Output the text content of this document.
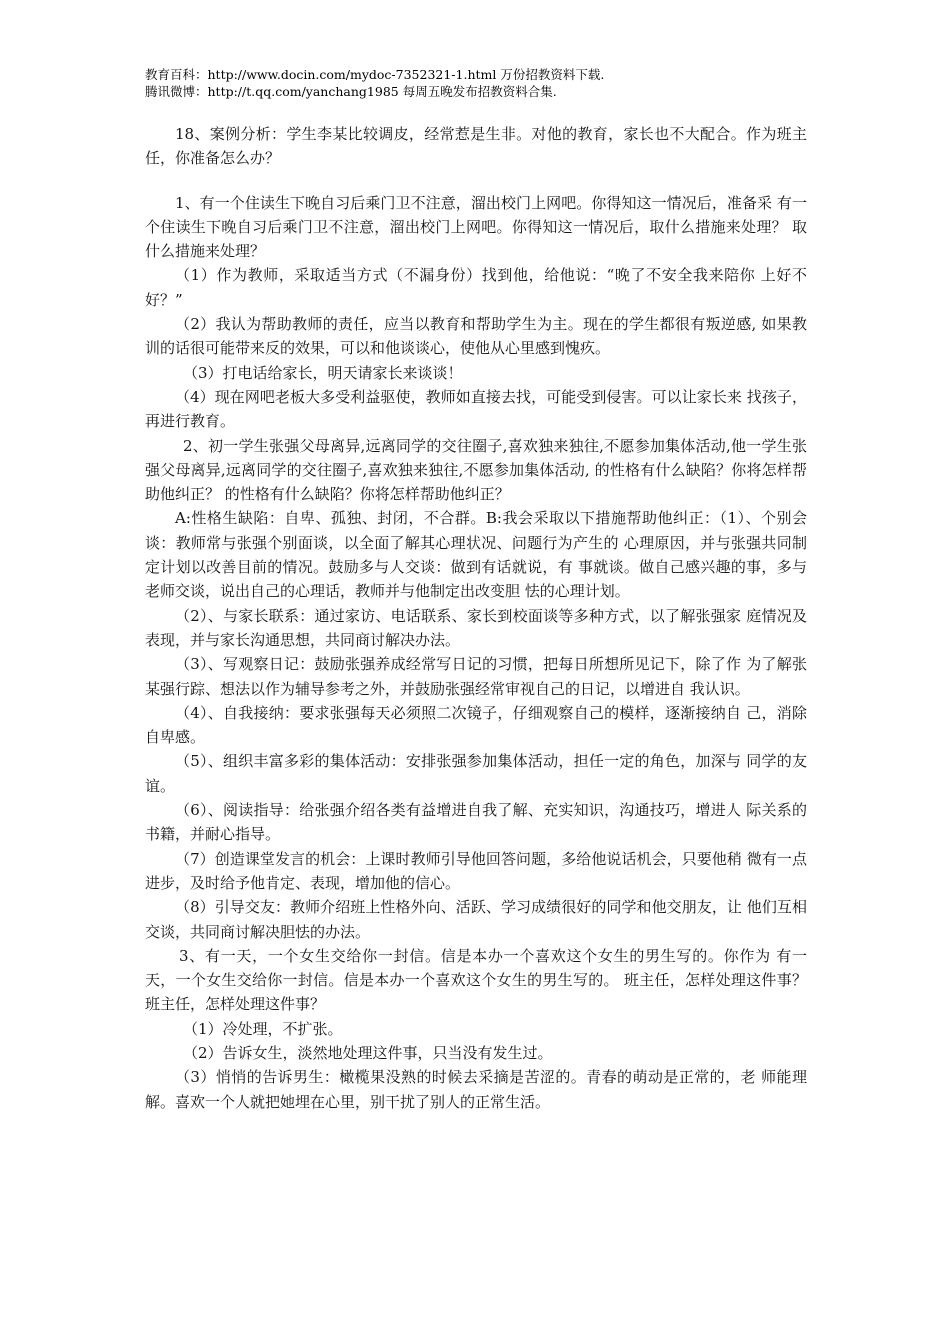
教育百科：http://www.docin.com/mydoc-7352321-1.html 万份招教资料下载.
腾讯微博：http://t.qq.com/yanchang1985 每周五晚发布招教资料合集.

18、案例分析：学生李某比较调皮，经常惹是生非。对他的教育，家长也不大配合。作为班主任，你准备怎么办？

1、有一个住读生下晚自习后乘门卫不注意，溜出校门上网吧。你得知这一情况后，准备采 有一个住读生下晚自习后乘门卫不注意，溜出校门上网吧。你得知这一情况后，取什么措施来处理？ 取什么措施来处理？

（1）作为教师，采取适当方式（不漏身份）找到他，给他说：“晚了不安全我来陪你 上好不好？”

（2）我认为帮助教师的责任，应当以教育和帮助学生为主。现在的学生都很有叛逆感, 如果教训的话很可能带来反的效果，可以和他谈谈心，使他从心里感到愧疚。

（3）打电话给家长，明天请家长来谈谈！

（4）现在网吧老板大多受利益驱使，教师如直接去找，可能受到侵害。可以让家长来 找孩子，再进行教育。

2、初一学生张强父母离异,远离同学的交往圈子,喜欢独来独往,不愿参加集体活动,他一学生张强父母离异,远离同学的交往圈子,喜欢独来独往,不愿参加集体活动, 的性格有什么缺陷？你将怎样帮助他纠正？ 的性格有什么缺陷？你将怎样帮助他纠正？

A:性格生缺陷：自卑、孤独、封闭，不合群。B:我会采取以下措施帮助他纠正：（1）、个别会谈：教师常与张强个别面谈，以全面了解其心理状况、问题行为产生的 心理原因，并与张强共同制定计划以改善目前的情况。鼓励多与人交谈：做到有话就说，有 事就谈。做自己感兴趣的事，多与老师交谈，说出自己的心理话，教师并与他制定出改变胆 怯的心理计划。

（2）、与家长联系：通过家访、电话联系、家长到校面谈等多种方式，以了解张强家 庭情况及表现，并与家长沟通思想，共同商讨解决办法。

（3）、写观察日记：鼓励张强养成经常写日记的习惯，把每日所想所见记下，除了作 为了解张某强行踪、想法以作为辅导参考之外，并鼓励张强经常审视自己的日记，以增进自 我认识。

（4）、自我接纳：要求张强每天必须照二次镜子，仔细观察自己的模样，逐渐接纳自 己，消除自卑感。

（5）、组织丰富多彩的集体活动：安排张强参加集体活动，担任一定的角色，加深与 同学的友谊。

（6）、阅读指导：给张强介绍各类有益增进自我了解、充实知识，沟通技巧，增进人 际关系的书籍，并耐心指导。

（7）创造课堂发言的机会：上课时教师引导他回答问题，多给他说话机会，只要他稍 微有一点进步，及时给予他肯定、表现，增加他的信心。

（8）引导交友：教师介绍班上性格外向、活跃、学习成绩很好的同学和他交朋友，让 他们互相交谈，共同商讨解决胆怯的办法。

3、有一天，一个女生交给你一封信。信是本办一个喜欢这个女生的男生写的。你作为 有一天，一个女生交给你一封信。信是本办一个喜欢这个女生的男生写的。 班主任，怎样处理这件事？ 班主任，怎样处理这件事？

（1）冷处理，不扩张。

（2）告诉女生，淡然地处理这件事，只当没有发生过。

（3）悄悄的告诉男生：橄榄果没熟的时候去采摘是苦涩的。青春的萌动是正常的，老 师能理解。喜欢一个人就把她埋在心里，别干扰了别人的正常生活。
